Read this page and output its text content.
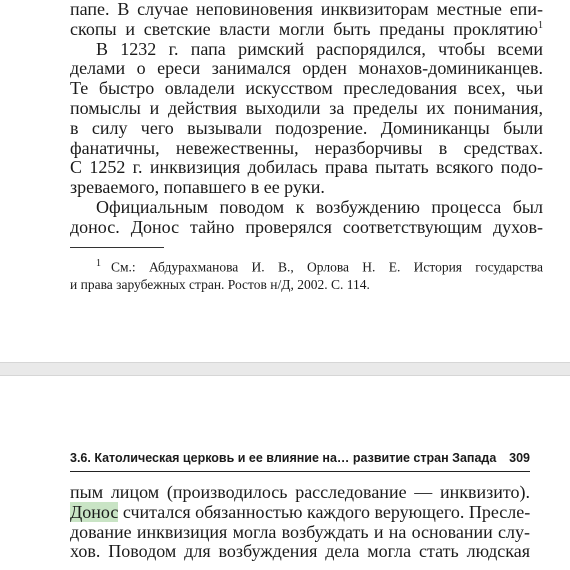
папе. В случае неповиновения инквизиторам местные епи-
скопы и светские власти могли быть преданы проклятию$^1$
В 1232 г. папа римский распорядился, чтобы всеми
делами о ереси занимался орден монахов-доминиканцев.
Те быстро овладели искусством преследования всех, чьи
помыслы и действия выходили за пределы их понимания,
в силу чего вызывали подозрение. Доминиканцы были
фанатичны, невежественны, неразборчивы в средствах.
С 1252 г. инквизиция добилась права пытать всякого подо-
зреваемого, попавшего в ее руки.
Официальным поводом к возбуждению процесса был
донос. Донос тайно проверялся соответствующим духов-
$^1$ См.: Абдурахманова И. В., Орлова Н. Е. История государства
и права зарубежных стран. Ростов н/Д, 2002. С. 114.
3.6. Католическая церковь и ее влияние на… развитие стран Запада 309
пым лицом (производилось расследование — инквизито).
Донос считался обязанностью каждого верующего. Пресле-
дование инквизиция могла возбуждать и на основании слу-
хов. Поводом для возбуждения дела могла стать людская
